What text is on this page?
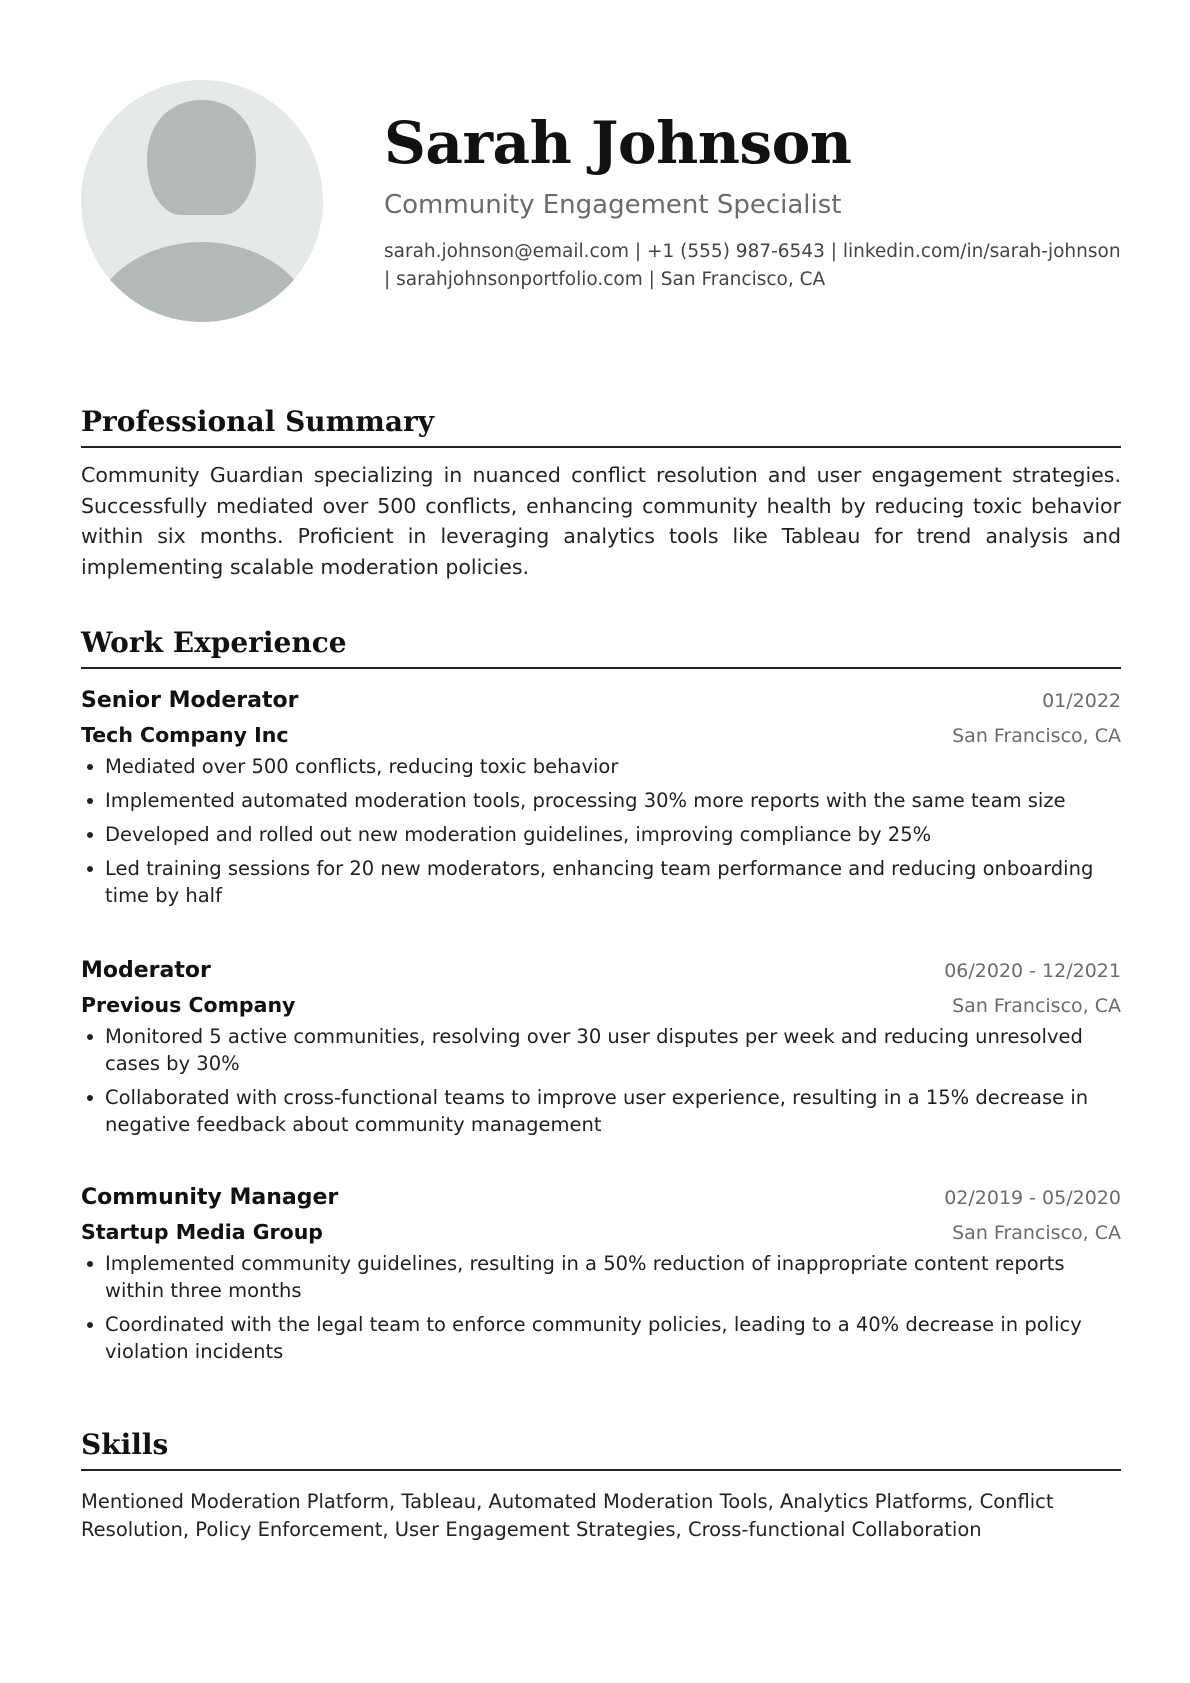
Sarah Johnson
Community Engagement Specialist
sarah.johnson@email.com | +1 (555) 987-6543 | linkedin.com/in/sarah-johnson
| sarahjohnsonportfolio.com | San Francisco, CA
Professional Summary
Community Guardian specializing in nuanced conflict resolution and user engagement strategies. Successfully mediated over 500 conflicts, enhancing community health by reducing toxic behavior within six months. Proficient in leveraging analytics tools like Tableau for trend analysis and implementing scalable moderation policies.
Work Experience
Senior Moderator	01/2022
Tech Company Inc	San Francisco, CA
Mediated over 500 conflicts, reducing toxic behavior
Implemented automated moderation tools, processing 30% more reports with the same team size
Developed and rolled out new moderation guidelines, improving compliance by 25%
Led training sessions for 20 new moderators, enhancing team performance and reducing onboarding time by half
Moderator	06/2020 - 12/2021
Previous Company	San Francisco, CA
Monitored 5 active communities, resolving over 30 user disputes per week and reducing unresolved cases by 30%
Collaborated with cross-functional teams to improve user experience, resulting in a 15% decrease in negative feedback about community management
Community Manager	02/2019 - 05/2020
Startup Media Group	San Francisco, CA
Implemented community guidelines, resulting in a 50% reduction of inappropriate content reports within three months
Coordinated with the legal team to enforce community policies, leading to a 40% decrease in policy violation incidents
Skills
Mentioned Moderation Platform, Tableau, Automated Moderation Tools, Analytics Platforms, Conflict Resolution, Policy Enforcement, User Engagement Strategies, Cross-functional Collaboration
